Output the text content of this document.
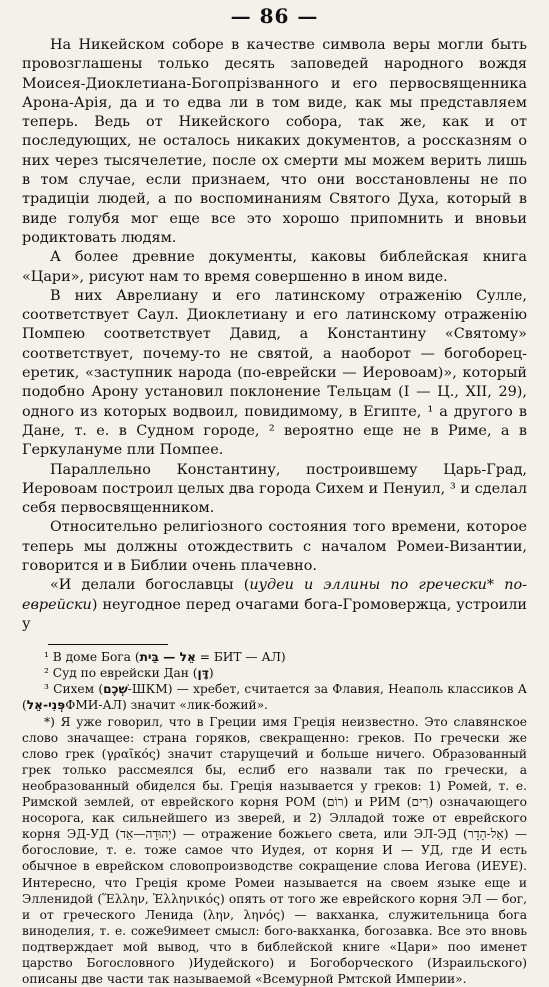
— 86 —

На Никейском соборе в качестве символа веры могли быть провозглашены только десять заповедей народного вождя Моисея-Диоклетиана-Богопрізванного и его первосвященника Арона-Арія, да и то едва ли в том виде, как мы представляем теперь. Ведь от Никейского собора, так же, как и от последующих, не осталось никаких документов, а россказням о них через тысячелетие, после ох смерти мы можем верить лишь в том случае, если признаем, что они восстановлены не по традиціи людей, а по воспоминаниям Святого Духа, который в виде голубя мог еще все это хорошо припомнить и вновьи родиктовать людям.

А более древние документы, каковы библейская книга «Цари», рисуют нам то время совершенно в ином виде.

В них Аврелиану и его латинскому отраженію Сулле, соответствует Саул. Диоклетиану и его латинскому отраженію Помпею соответствует Давид, а Константину «Святому» соответствует, почему-то не святой, а наоборот — богоборец-еретик, «заступник народа (по-еврейски — Иеровоам)», который подобно Арону установил поклонение Тельцам (I — Ц., XII, 29), одного из которых водвоил, повидимому, в Египте, ¹ а другого в Дане, т. е. в Судном городе, ² вероятно еще не в Риме, а в Геркулануме пли Помпее.

Параллельно Константину, построившему Царь-Град, Иеровоам построил целых два города Сихем и Пенуил, ³ и сделал себя первосвященником.

Относительно религіозного состояния того времени, которое теперь мы должны отождествить с началом Ромеи-Византии, говорится и в Библии очень плачевно.

«И делали богославцы (иудеи и эллины по гречески* по-еврейски) неугодное перед очагами бога-Громовержца, устроили у

¹ В доме Бога (אֵל — בֵּית = БИТ — АЛ)

² Суд по еврейски Дан (דָּן)

³ Сихем (שְׁכֶם-ШКМ) — хребет, считается за Флавия, Неаполь классиков А (פְּנִי-אֵלФМИ-АЛ) значит «лик-божий».

*) Я уже говорил, что в Греции имя Греція неизвестно. Это славянское слово значащее: страна горяков, свекращенно: греков. По гречески же слово грек (γραῖκός) значит старущечий и больше ничего. Образованный грек только рассмеялся бы, еслиб его назвали так по гречески, а необразованный обиделся бы. Греція называется у греков: 1) Ромей, т. е. Римской землей, от еврейского корня РОМ (רוֹם) и РИМ (רִים) означающего носорога, как сильнейшего из зверей, и 2) Элладой тоже от еврейского корня ЭД-УД (יְהוּדָה—אֵד) — отражение божьего света, или ЭЛ-ЭД (אֵל-הָדָר) — богословие, т. е. тоже самое что Иудея, от корня И — УД, где И есть обычное в еврейском словопроизводстве сокращение слова Иегова (ИЕУЕ). Интересно, что Греція кроме Ромеи называется на своем языке еще и Элленидой (Ἕλλην, Ἑλληνικός) опять от того же еврейского корня ЭЛ — бог, и от греческого Ленида (λην, ληνός) — вакханка, служительница бога виноделия, т. е. соже9имеет смысл: бого-вакханка, богозавка. Все это вновь подтверждает мой вывод, что в библейской книге «Цари» поо именет царство Богословного )Иудейского) и Богоборческого (Израильского) описаны две части так называемой «Всемурной Рмтской Империи».
